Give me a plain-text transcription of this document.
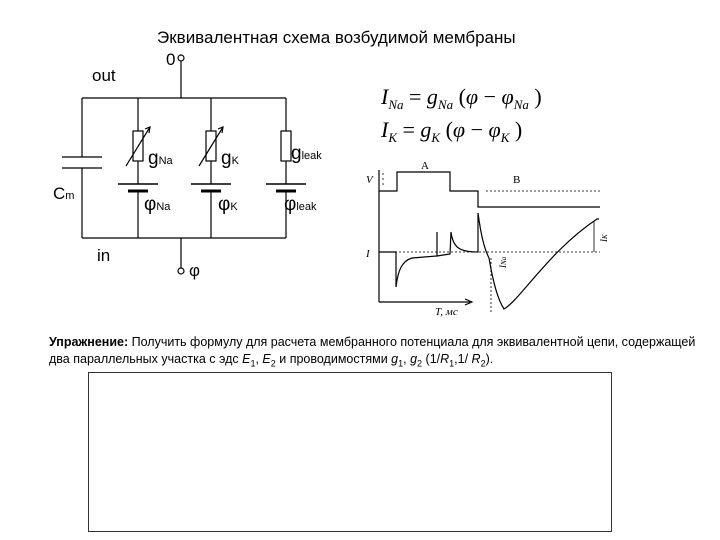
Эквивалентная схема возбудимой мембраны
out
0
in
φ
Cm
gNa	gK	gleak
φNa	φK φleak
$I_{Na} = g_{Na}$ ($\varphi - \varphi_{Na}$ )
$I_K = g_K$ ($\varphi - \varphi_K$ )
V
I
A
B
INa
IK
T, мс
Упражнение: Получить формулу для расчета мембранного потенциала для эквивалентной цепи, содержащей два параллельных участка с эдс $E_1$, $E_2$ и проводимостями $g_1$, $g_2$ ($1/R_1,1/$ $R_2$).
